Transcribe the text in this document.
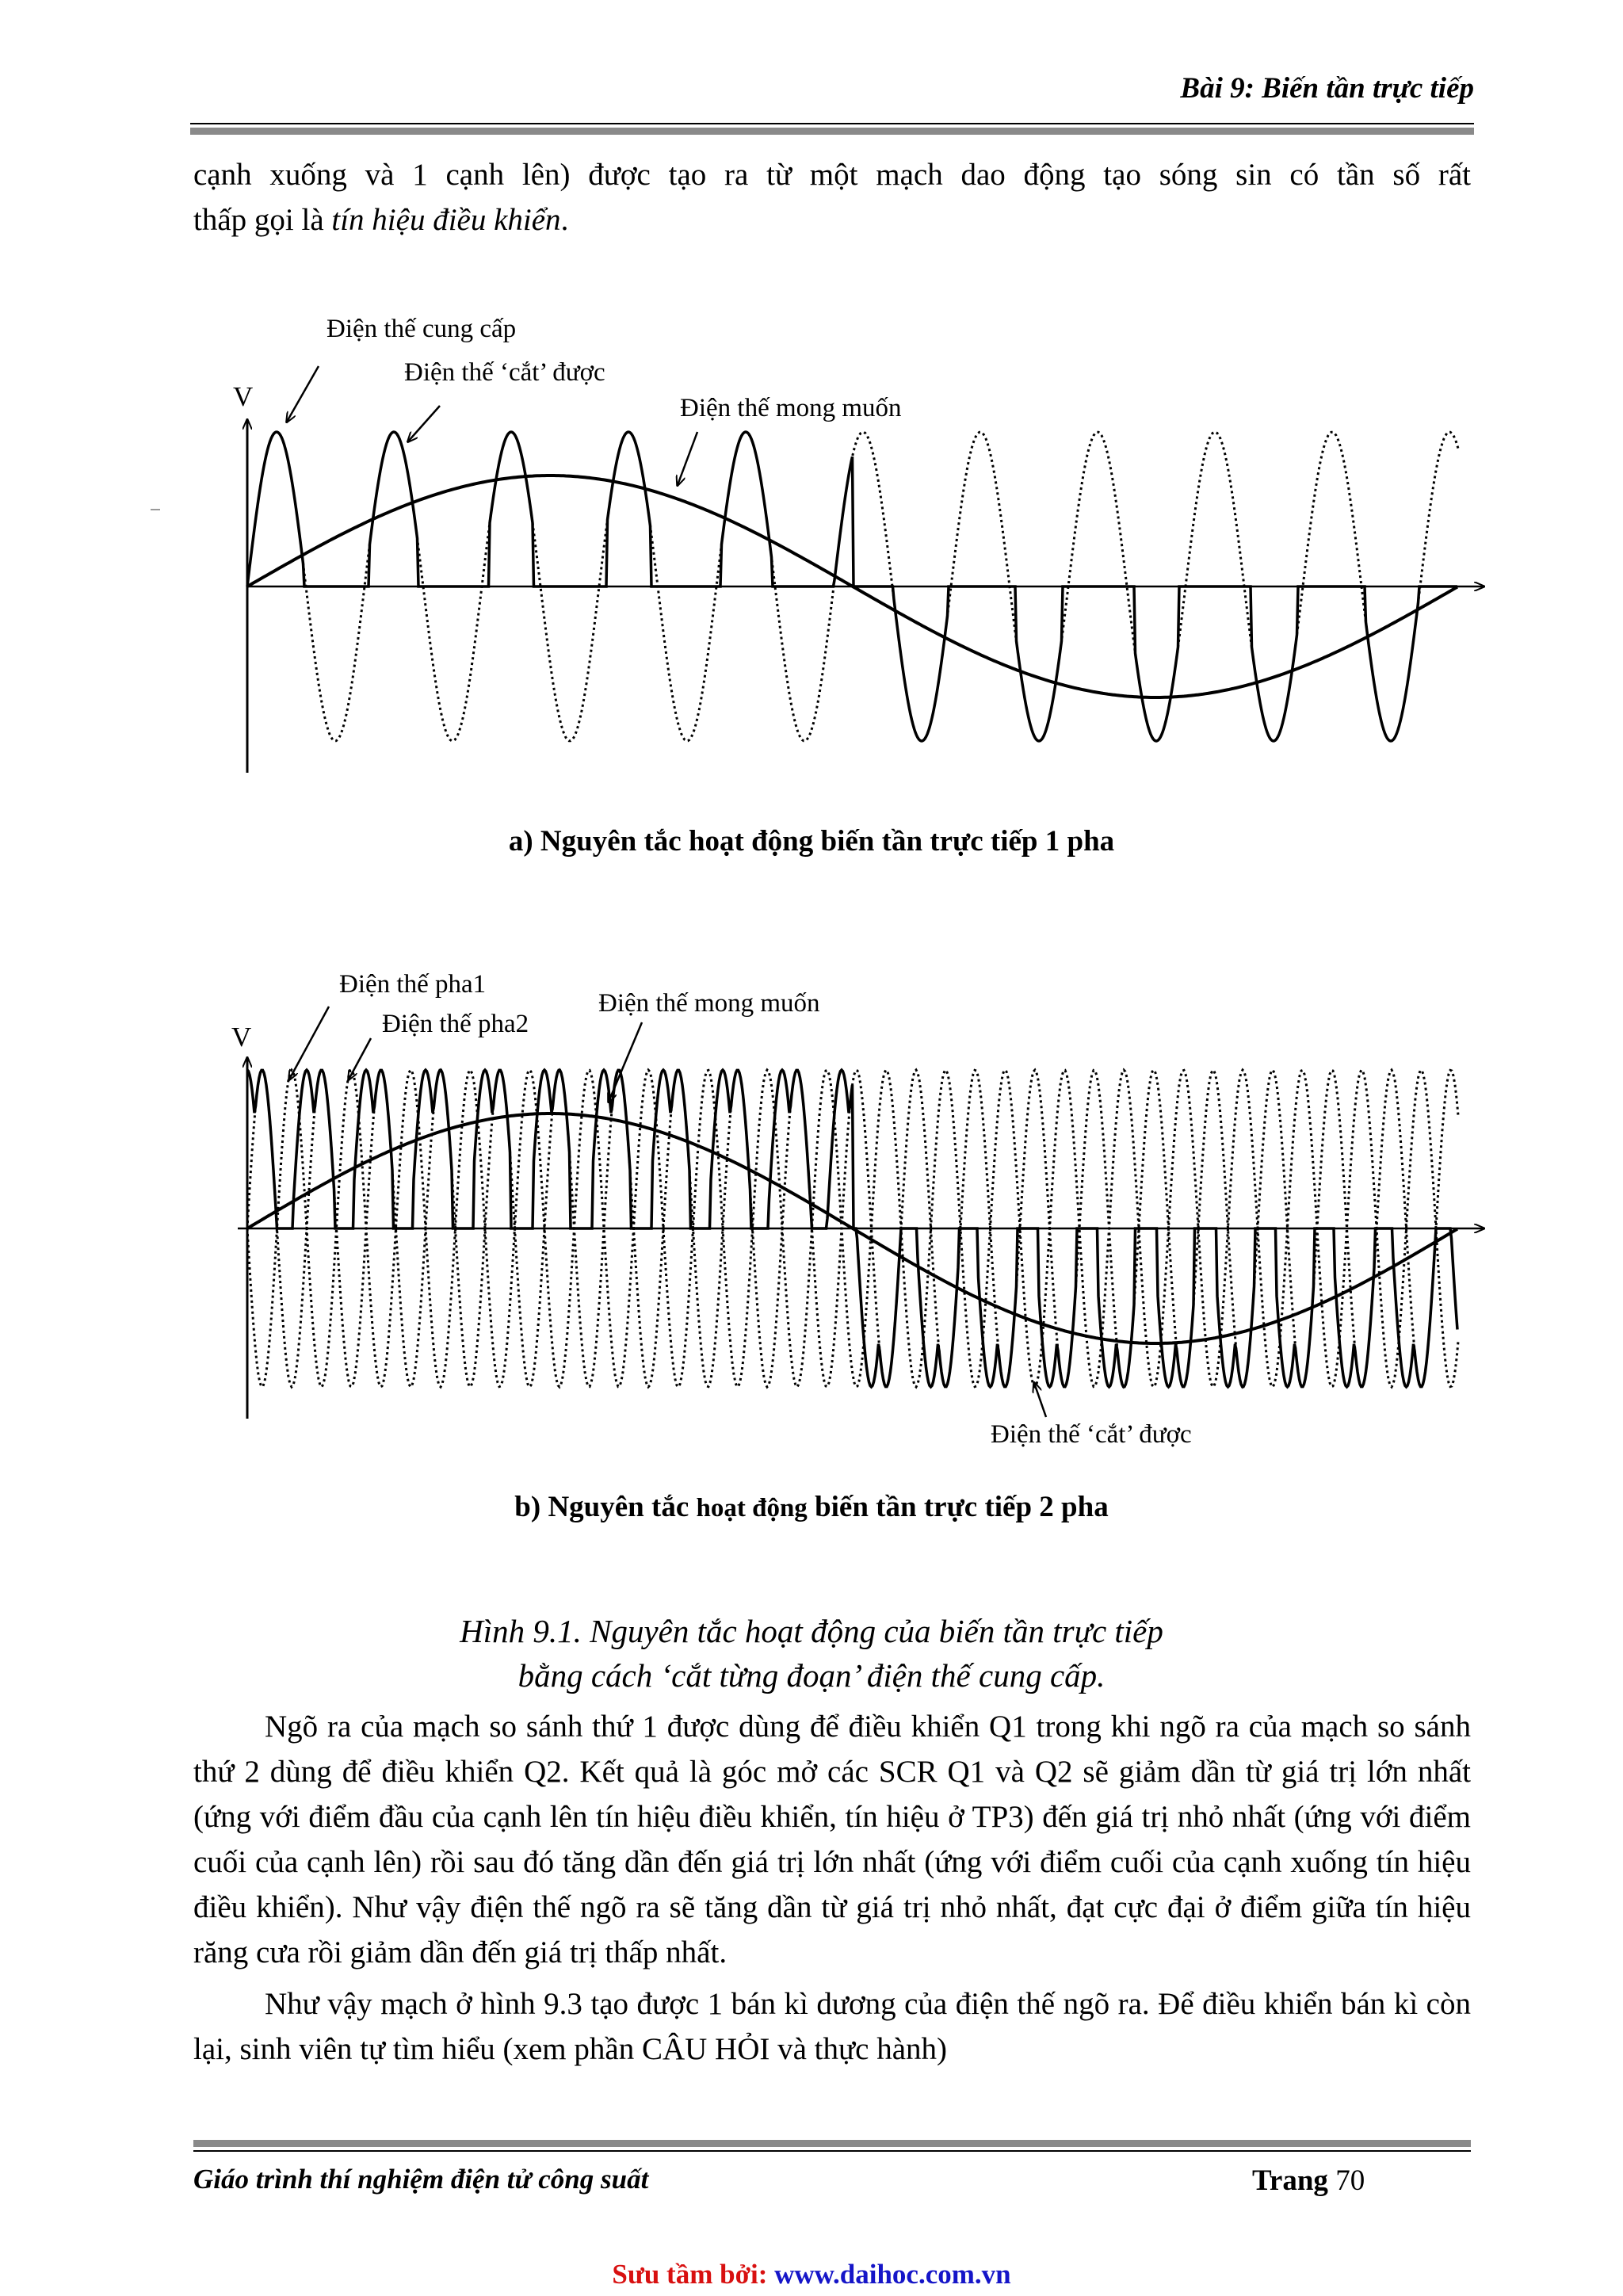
Bài 9: Biến tần trực tiếp

cạnh xuống và 1 cạnh lên) được tạo ra từ một mạch dao động tạo sóng sin có tần số rất
thấp gọi là tín hiệu điều khiển.

Điện thế cung cấp
Điện thế ‘cắt’ được
Điện thế mong muốn
V
Điện thế pha1
Điện thế pha2
Điện thế mong muốn
Điện thế ‘cắt’ được
V
a) Nguyên tắc hoạt động biến tần trực tiếp 1 pha
b) Nguyên tắc hoạt động biến tần trực tiếp 2 pha
Hình 9.1. Nguyên tắc hoạt động của biến tần trực tiếp
bằng cách ‘cắt từng đoạn’ điện thế cung cấp.

Ngõ ra của mạch so sánh thứ 1 được dùng để điều khiển Q1 trong khi ngõ ra của mạch so sánh thứ 2 dùng để điều khiển Q2. Kết quả là góc mở các SCR Q1 và Q2 sẽ giảm dần từ giá trị lớn nhất (ứng với điểm đầu của cạnh lên tín hiệu điều khiển, tín hiệu ở TP3) đến giá trị nhỏ nhất (ứng với điểm cuối của cạnh lên) rồi sau đó tăng dần đến giá trị lớn nhất (ứng với điểm cuối của cạnh xuống tín hiệu điều khiển). Như vậy điện thế ngõ ra sẽ tăng dần từ giá trị nhỏ nhất, đạt cực đại ở điểm giữa tín hiệu răng cưa rồi giảm dần đến giá trị thấp nhất.

Như vậy mạch ở hình 9.3 tạo được 1 bán kì dương của điện thế ngõ ra. Để điều khiển bán kì còn lại, sinh viên tự tìm hiểu (xem phần CÂU HỎI và thực hành)

Giáo trình thí nghiệm điện tử công suất	Trang 70
Sưu tầm bởi: www.daihoc.com.vn
